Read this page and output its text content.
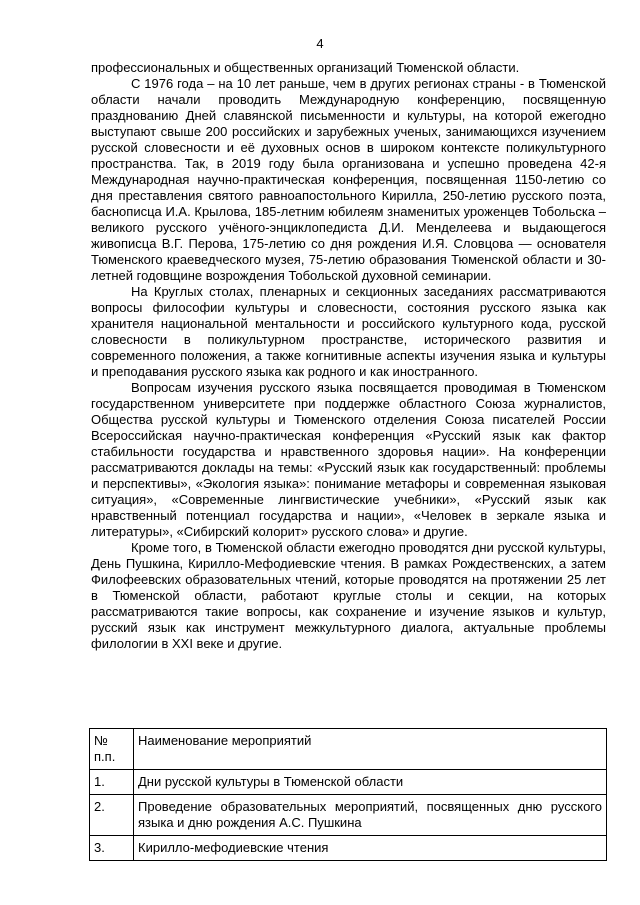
4

профессиональных и общественных организаций Тюменской области.

С 1976 года – на 10 лет раньше, чем в других регионах страны - в Тюменской области начали проводить Международную конференцию, посвященную празднованию Дней славянской письменности и культуры, на которой ежегодно выступают свыше 200 российских и зарубежных ученых, занимающихся изучением русской словесности и её духовных основ в широком контексте поликультурного пространства. Так, в 2019 году была организована и успешно проведена 42-я Международная научно-практическая конференция, посвященная 1150-летию со дня преставления святого равноапостольного Кирилла, 250-летию русского поэта, баснописца И.А. Крылова, 185-летним юбилеям знаменитых уроженцев Тобольска – великого русского учёного-энциклопедиста Д.И. Менделеева и выдающегося живописца В.Г. Перова, 175-летию со дня рождения И.Я. Словцова — основателя Тюменского краеведческого музея, 75-летию образования Тюменской области и 30-летней годовщине возрождения Тобольской духовной семинарии.

На Круглых столах, пленарных и секционных заседаниях рассматриваются вопросы философии культуры и словесности, состояния русского языка как хранителя национальной ментальности и российского культурного кода, русской словесности в поликультурном пространстве, исторического развития и современного положения, а также когнитивные аспекты изучения языка и культуры и преподавания русского языка как родного и как иностранного.

Вопросам изучения русского языка посвящается проводимая в Тюменском государственном университете при поддержке областного Союза журналистов, Общества русской культуры и Тюменского отделения Союза писателей России Всероссийская научно-практическая конференция «Русский язык как фактор стабильности государства и нравственного здоровья нации». На конференции рассматриваются доклады на темы: «Русский язык как государственный: проблемы и перспективы», «Экология языка»: понимание метафоры и современная языковая ситуация», «Современные лингвистические учебники», «Русский язык как нравственный потенциал государства и нации», «Человек в зеркале языка и литературы», «Сибирский колорит» русского слова» и другие.

Кроме того, в Тюменской области ежегодно проводятся дни русской культуры, День Пушкина, Кирилло-Мефодиевские чтения. В рамках Рождественских, а затем Филофеевских образовательных чтений, которые проводятся на протяжении 25 лет в Тюменской области, работают круглые столы и секции, на которых рассматриваются такие вопросы, как сохранение и изучение языков и культур, русский язык как инструмент межкультурного диалога, актуальные проблемы филологии в XXI веке и другие.

№ п.п.	Наименование мероприятий
1.	Дни русской культуры в Тюменской области
2.	Проведение образовательных мероприятий, посвященных дню русского языка и дню рождения А.С. Пушкина
3.	Кирилло-мефодиевские чтения
